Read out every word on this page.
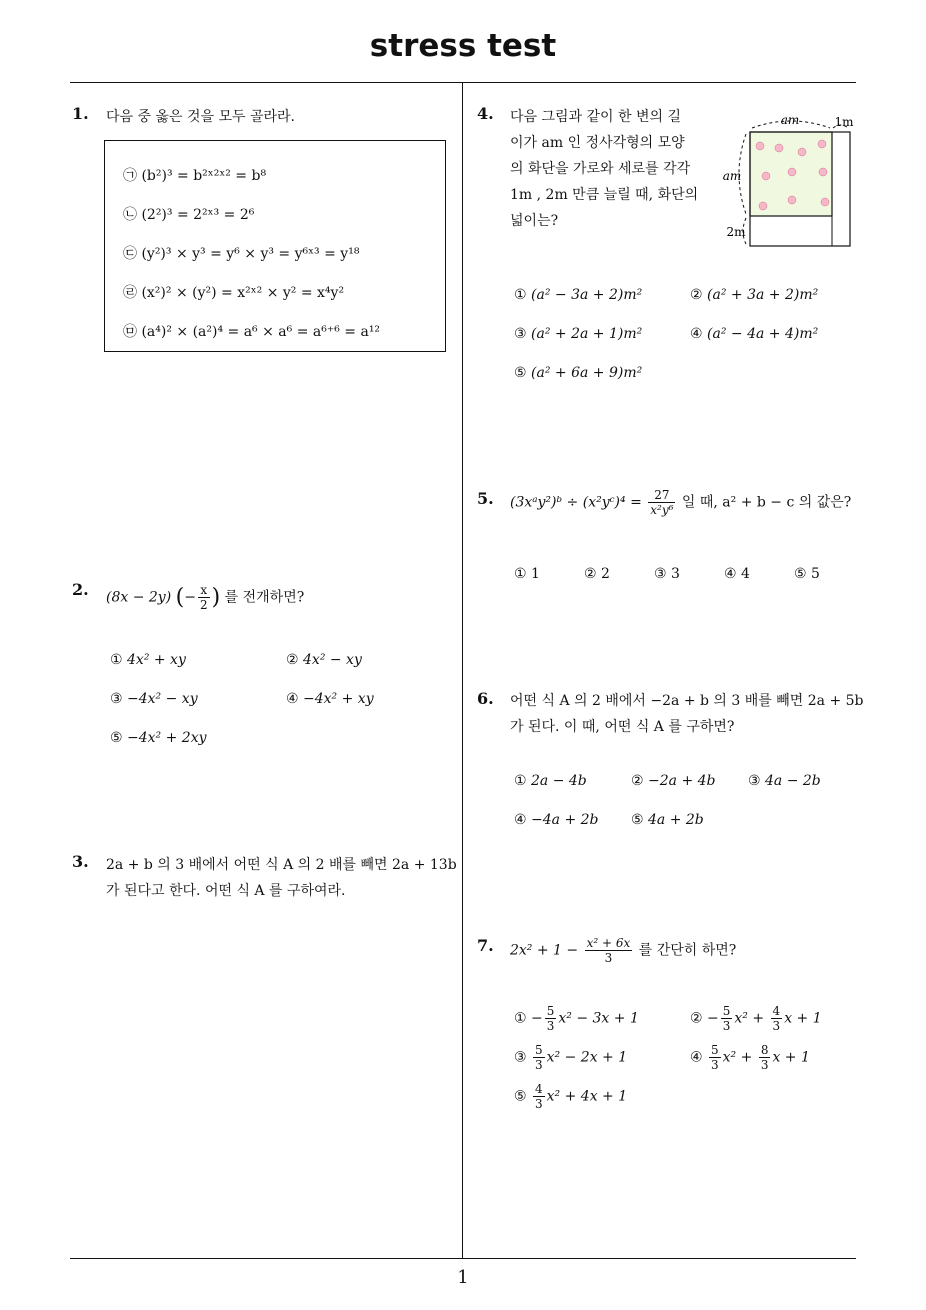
stress test
1
1. 다음 중 옳은 것을 모두 골라라.
㉠ (b²)³ = b²ˣ²ˣ² = b⁸
㉡ (2²)³ = 2²ˣ³ = 2⁶
㉢ (y²)³ × y³ = y⁶ × y³ = y⁶ˣ³ = y¹⁸
㉣ (x²)² × (y²) = x²ˣ² × y² = x⁴y²
㉤ (a⁴)² × (a²)⁴ = a⁶ × a⁶ = a⁶⁺⁶ = a¹²
2. (8x − 2y) (− $\frac{x}{2}$ ) 를 전개하면?
① 4x² + xy	② 4x² − xy
③ −4x² − xy	④ −4x² + xy
⑤ −4x² + 2xy
3. 2a + b 의 3 배에서 어떤 식 A 의 2 배를 빼면 2a + 13b
가 된다고 한다. 어떤 식 A 를 구하여라.
4. 다음 그림과 같이 한 변의 길
이가 am 인 정사각형의 모양
의 화단을 가로와 세로를 각각
1m , 2m 만큼 늘릴 때, 화단의
넓이는?
am	1m
am
2m
① (a² − 3a + 2)m²	② (a² + 3a + 2)m²
③ (a² + 2a + 1)m²	④ (a² − 4a + 4)m²
⑤ (a² + 6a + 9)m²
5. (3xᵃy²)ᵇ ÷ (x²yᶜ)⁴ = $\frac{27}{\text{x²y⁶}}$ 일 때, a² + b − c 의 값은?
① 1	② 2	③ 3	④ 4	⑤ 5
6. 어떤 식 A 의 2 배에서 −2a + b 의 3 배를 빼면 2a + 5b
가 된다. 이 때, 어떤 식 A 를 구하면?
① 2a − 4b	② −2a + 4b ③ 4a − 2b
④ −4a + 2b ⑤ 4a + 2b
7. $2x^2 + 1 - \frac{\text{x² + 6x}}{3}$ 를 간단히 하면?
① − $\frac{5}{3} x^2 - 3x + 1$	② − $\frac{5}{3} x^2 + \frac{4}{3}$ x + 1
③ $\frac{5}{3} x^2 - 2x + 1$	④ $\frac{5}{3} x^2 + \frac{8}{3}$ x + 1
⑤ $\frac{4}{3} x^2 + 4x + 1$
